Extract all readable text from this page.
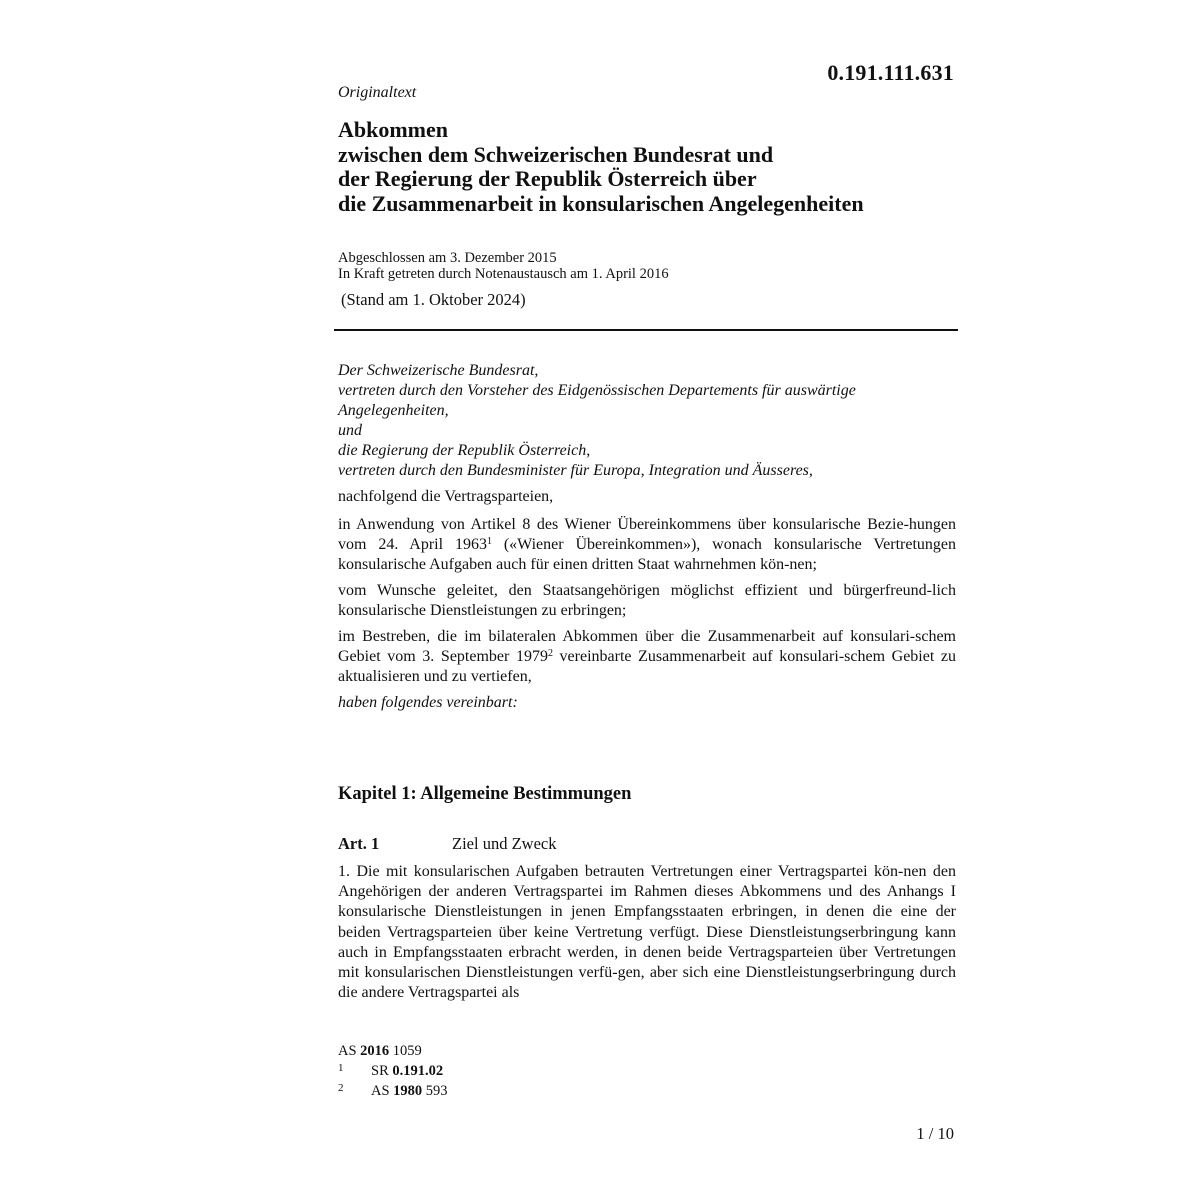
0.191.111.631
Originaltext
Abkommen
zwischen dem Schweizerischen Bundesrat und
der Regierung der Republik Österreich über
die Zusammenarbeit in konsularischen Angelegenheiten
Abgeschlossen am 3. Dezember 2015
In Kraft getreten durch Notenaustausch am 1. April 2016
(Stand am 1. Oktober 2024)

Der Schweizerische Bundesrat,

vertreten durch den Vorsteher des Eidgenössischen Departements für auswärtige Angelegenheiten,

und

die Regierung der Republik Österreich,

vertreten durch den Bundesminister für Europa, Integration und Äusseres,

nachfolgend die Vertragsparteien,

in Anwendung von Artikel 8 des Wiener Übereinkommens über konsularische Bezie-hungen vom 24. April 1963$^1$ («Wiener Übereinkommen»), wonach konsularische Vertretungen konsularische Aufgaben auch für einen dritten Staat wahrnehmen kön-nen;

vom Wunsche geleitet, den Staatsangehörigen möglichst effizient und bürgerfreund-lich konsularische Dienstleistungen zu erbringen;

im Bestreben, die im bilateralen Abkommen über die Zusammenarbeit auf konsulari-schem Gebiet vom 3. September 1979$^2$ vereinbarte Zusammenarbeit auf konsulari-schem Gebiet zu aktualisieren und zu vertiefen,

haben folgendes vereinbart:

Kapitel 1: Allgemeine Bestimmungen
Art. 1	Ziel und Zweck

1. Die mit konsularischen Aufgaben betrauten Vertretungen einer Vertragspartei kön-nen den Angehörigen der anderen Vertragspartei im Rahmen dieses Abkommens und des Anhangs I konsularische Dienstleistungen in jenen Empfangsstaaten erbringen, in denen die eine der beiden Vertragsparteien über keine Vertretung verfügt. Diese Dienstleistungserbringung kann auch in Empfangsstaaten erbracht werden, in denen beide Vertragsparteien über Vertretungen mit konsularischen Dienstleistungen verfü-gen, aber sich eine Dienstleistungserbringung durch die andere Vertragspartei als

AS 2016 1059
1 SR 0.191.02
2 AS 1980 593
1 / 10
